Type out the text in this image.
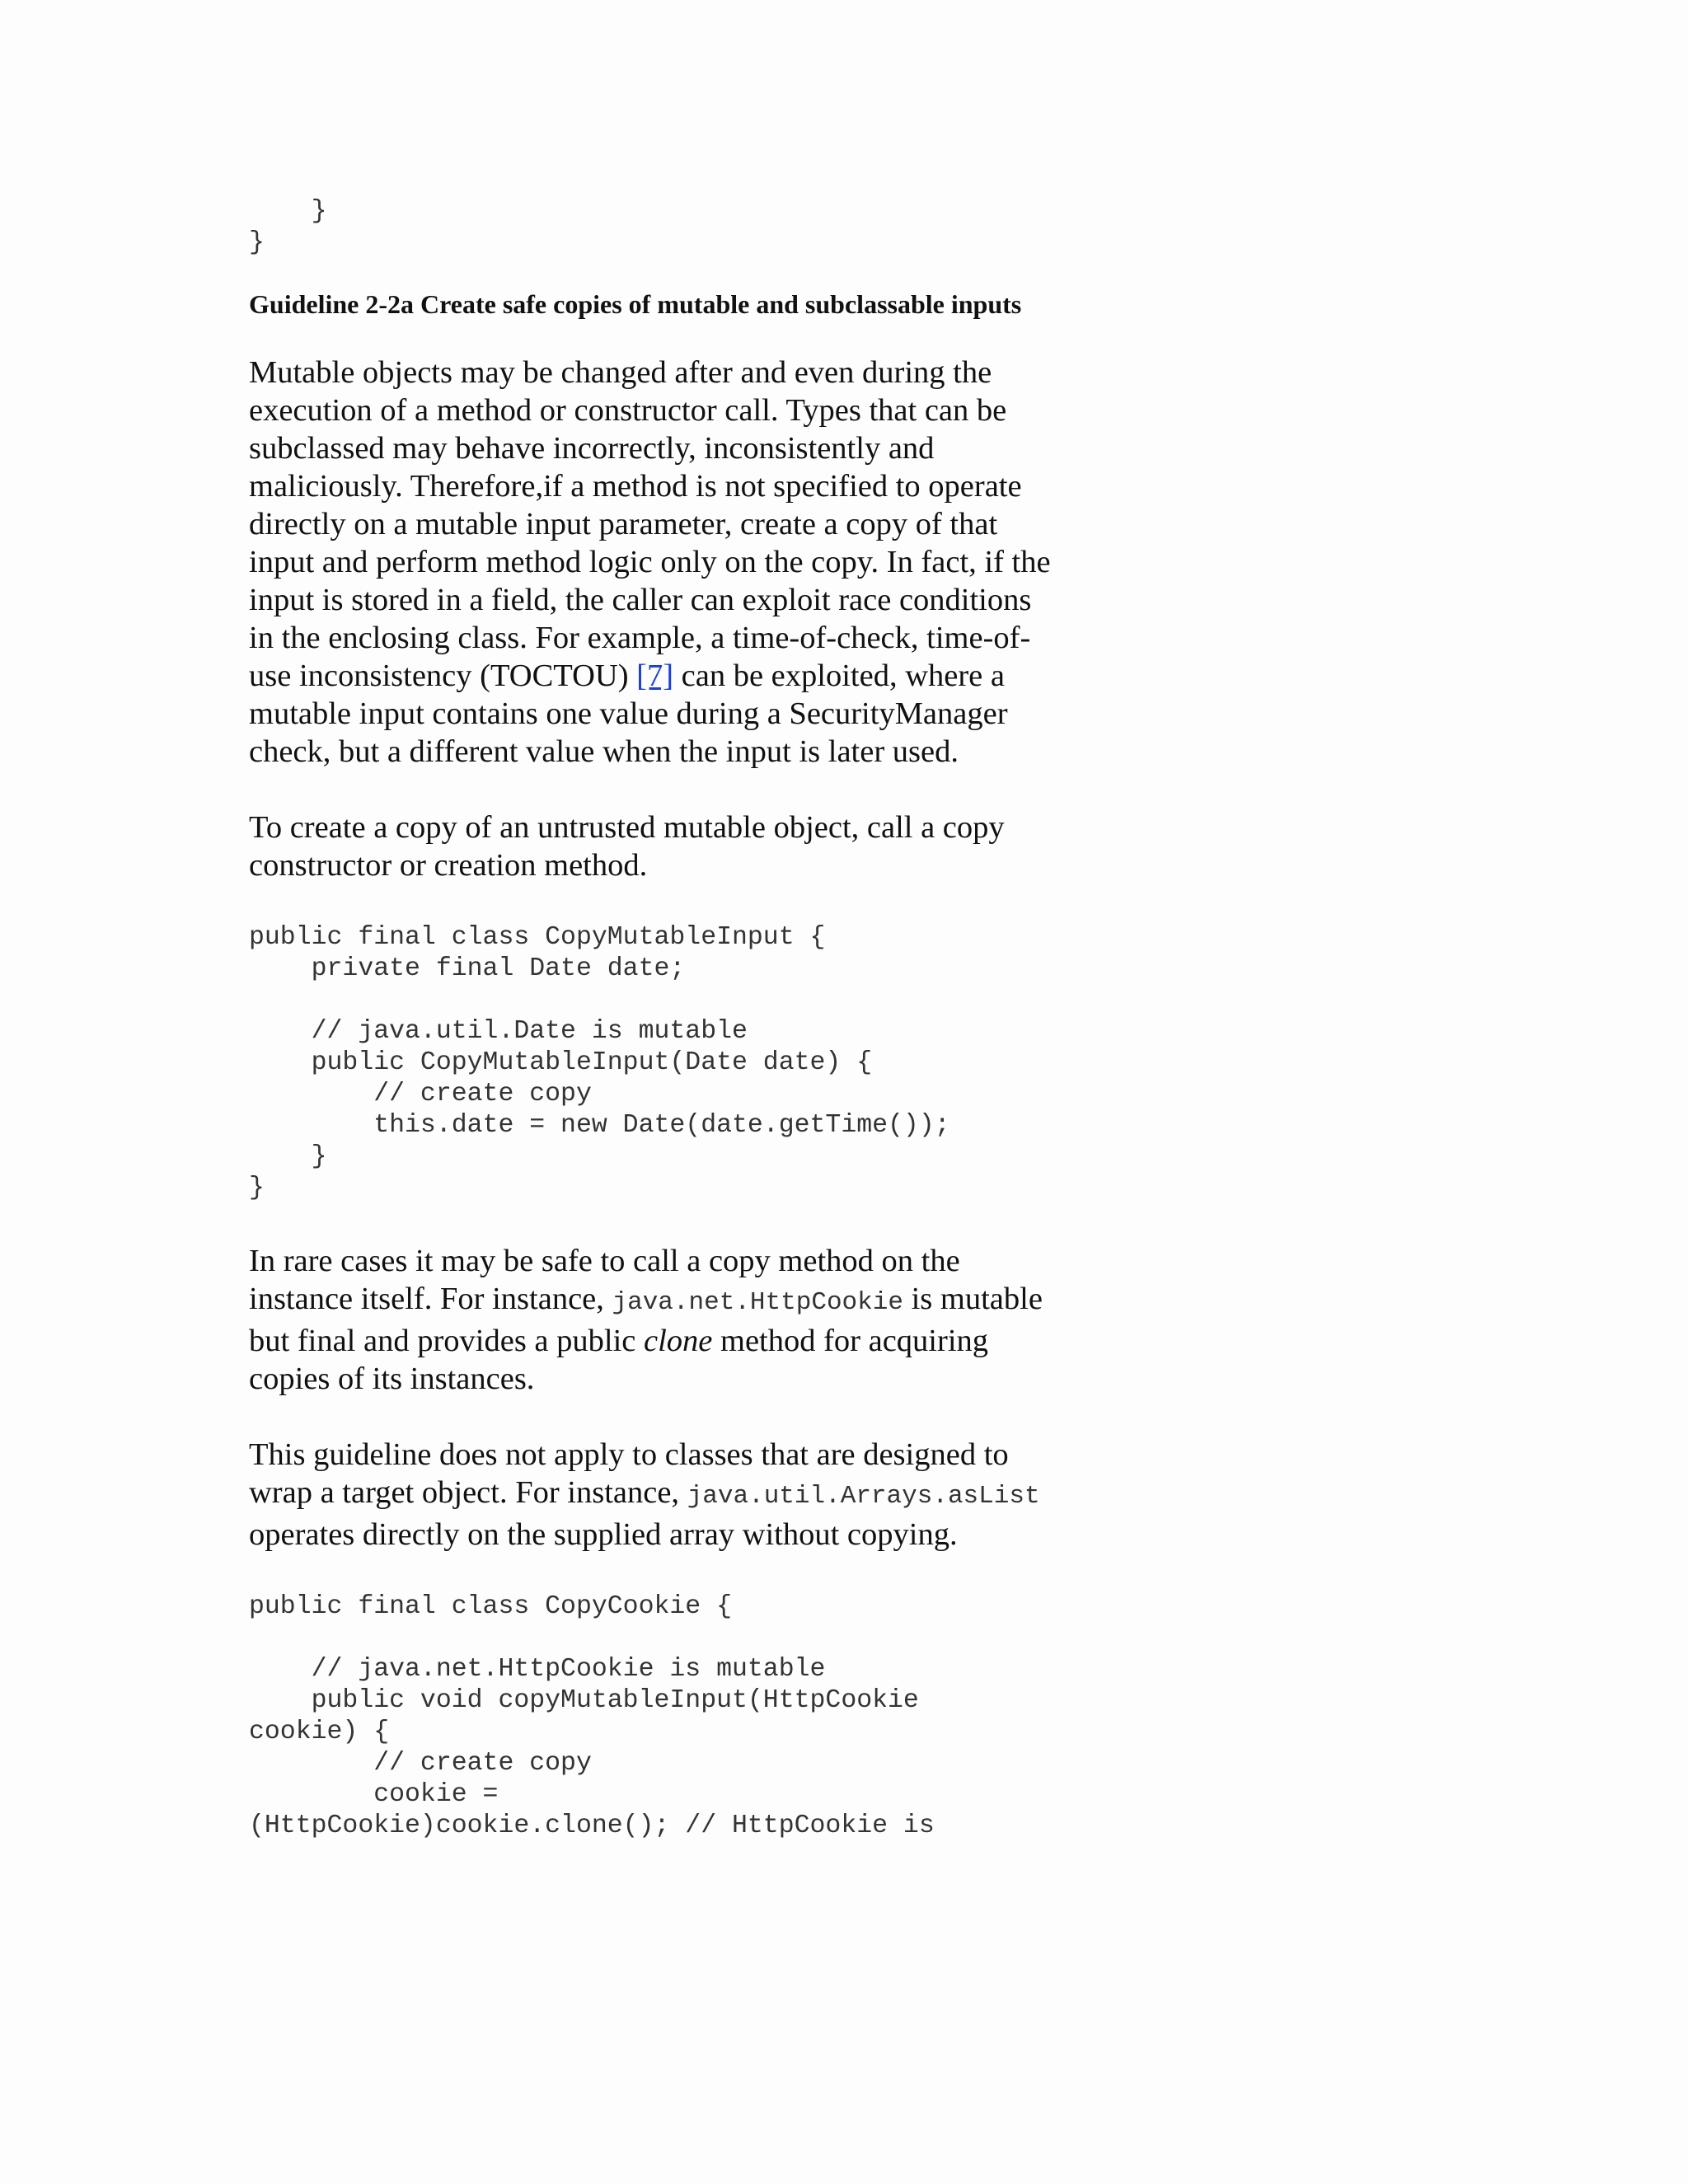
}
}
Guideline 2-2a Create safe copies of mutable and subclassable inputs

Mutable objects may be changed after and even during the execution of a method or constructor call. Types that can be subclassed may behave incorrectly, inconsistently and maliciously. Therefore,if a method is not specified to operate directly on a mutable input parameter, create a copy of that input and perform method logic only on the copy. In fact, if the input is stored in a field, the caller can exploit race conditions in the enclosing class. For example, a time-of-check, time-of-use inconsistency (TOCTOU) [7] can be exploited, where a mutable input contains one value during a SecurityManager check, but a different value when the input is later used.

To create a copy of an untrusted mutable object, call a copy constructor or creation method.

public final class CopyMutableInput {
private final Date date;

// java.util.Date is mutable
public CopyMutableInput(Date date) {
// create copy
this.date = new Date(date.getTime());
}
}

In rare cases it may be safe to call a copy method on the instance itself. For instance, java.net.HttpCookie is mutable but final and provides a public clone method for acquiring copies of its instances.

This guideline does not apply to classes that are designed to wrap a target object. For instance, java.util.Arrays.asList operates directly on the supplied array without copying.

public final class CopyCookie {

// java.net.HttpCookie is mutable
public void copyMutableInput(HttpCookie
cookie) {
// create copy
cookie =
(HttpCookie)cookie.clone(); // HttpCookie is
